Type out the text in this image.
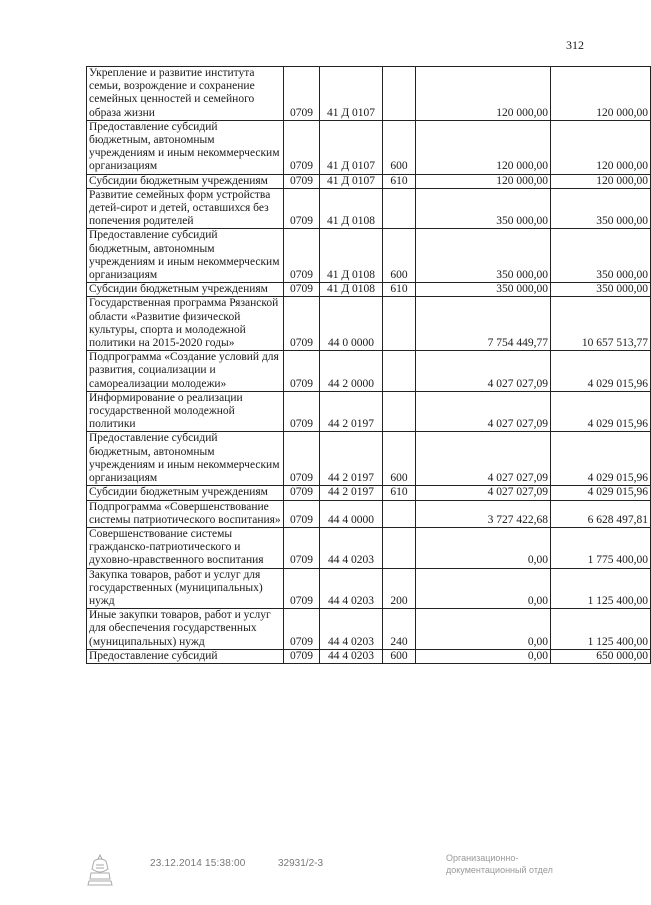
312
Укрепление и развитие института семьи, возрождение и сохранение семейных ценностей и семейного образа жизни	0709	41 Д 0107		120 000,00	120 000,00
Предоставление субсидий бюджетным, автономным учреждениям и иным некоммерческим организациям	0709	41 Д 0107	600	120 000,00	120 000,00
Субсидии бюджетным учреждениям	0709	41 Д 0107	610	120 000,00	120 000,00
Развитие семейных форм устройства детей-сирот и детей, оставшихся без попечения родителей	0709	41 Д 0108		350 000,00	350 000,00
Предоставление субсидий бюджетным, автономным учреждениям и иным некоммерческим организациям	0709	41 Д 0108	600	350 000,00	350 000,00
Субсидии бюджетным учреждениям	0709	41 Д 0108	610	350 000,00	350 000,00
Государственная программа Рязанской области «Развитие физической культуры, спорта и молодежной политики на 2015-2020 годы»	0709	44 0 0000		7 754 449,77	10 657 513,77
Подпрограмма «Создание условий для развития, социализации и самореализации молодежи»	0709	44 2 0000		4 027 027,09	4 029 015,96
Информирование о реализации государственной молодежной политики	0709	44 2 0197		4 027 027,09	4 029 015,96
Предоставление субсидий бюджетным, автономным учреждениям и иным некоммерческим организациям	0709	44 2 0197	600	4 027 027,09	4 029 015,96
Субсидии бюджетным учреждениям	0709	44 2 0197	610	4 027 027,09	4 029 015,96
Подпрограмма «Совершенствование системы патриотического воспитания»	0709	44 4 0000		3 727 422,68	6 628 497,81
Совершенствование системы гражданско-патриотического и духовно-нравственного воспитания	0709	44 4 0203		0,00	1 775 400,00
Закупка товаров, работ и услуг для государственных (муниципальных) нужд	0709	44 4 0203	200	0,00	1 125 400,00
Иные закупки товаров, работ и услуг для обеспечения государственных (муниципальных) нужд	0709	44 4 0203	240	0,00	1 125 400,00
Предоставление субсидий	0709	44 4 0203	600	0,00	650 000,00
23.12.2014 15:38:00	32931/2-3	Организационно-
документационный отдел
